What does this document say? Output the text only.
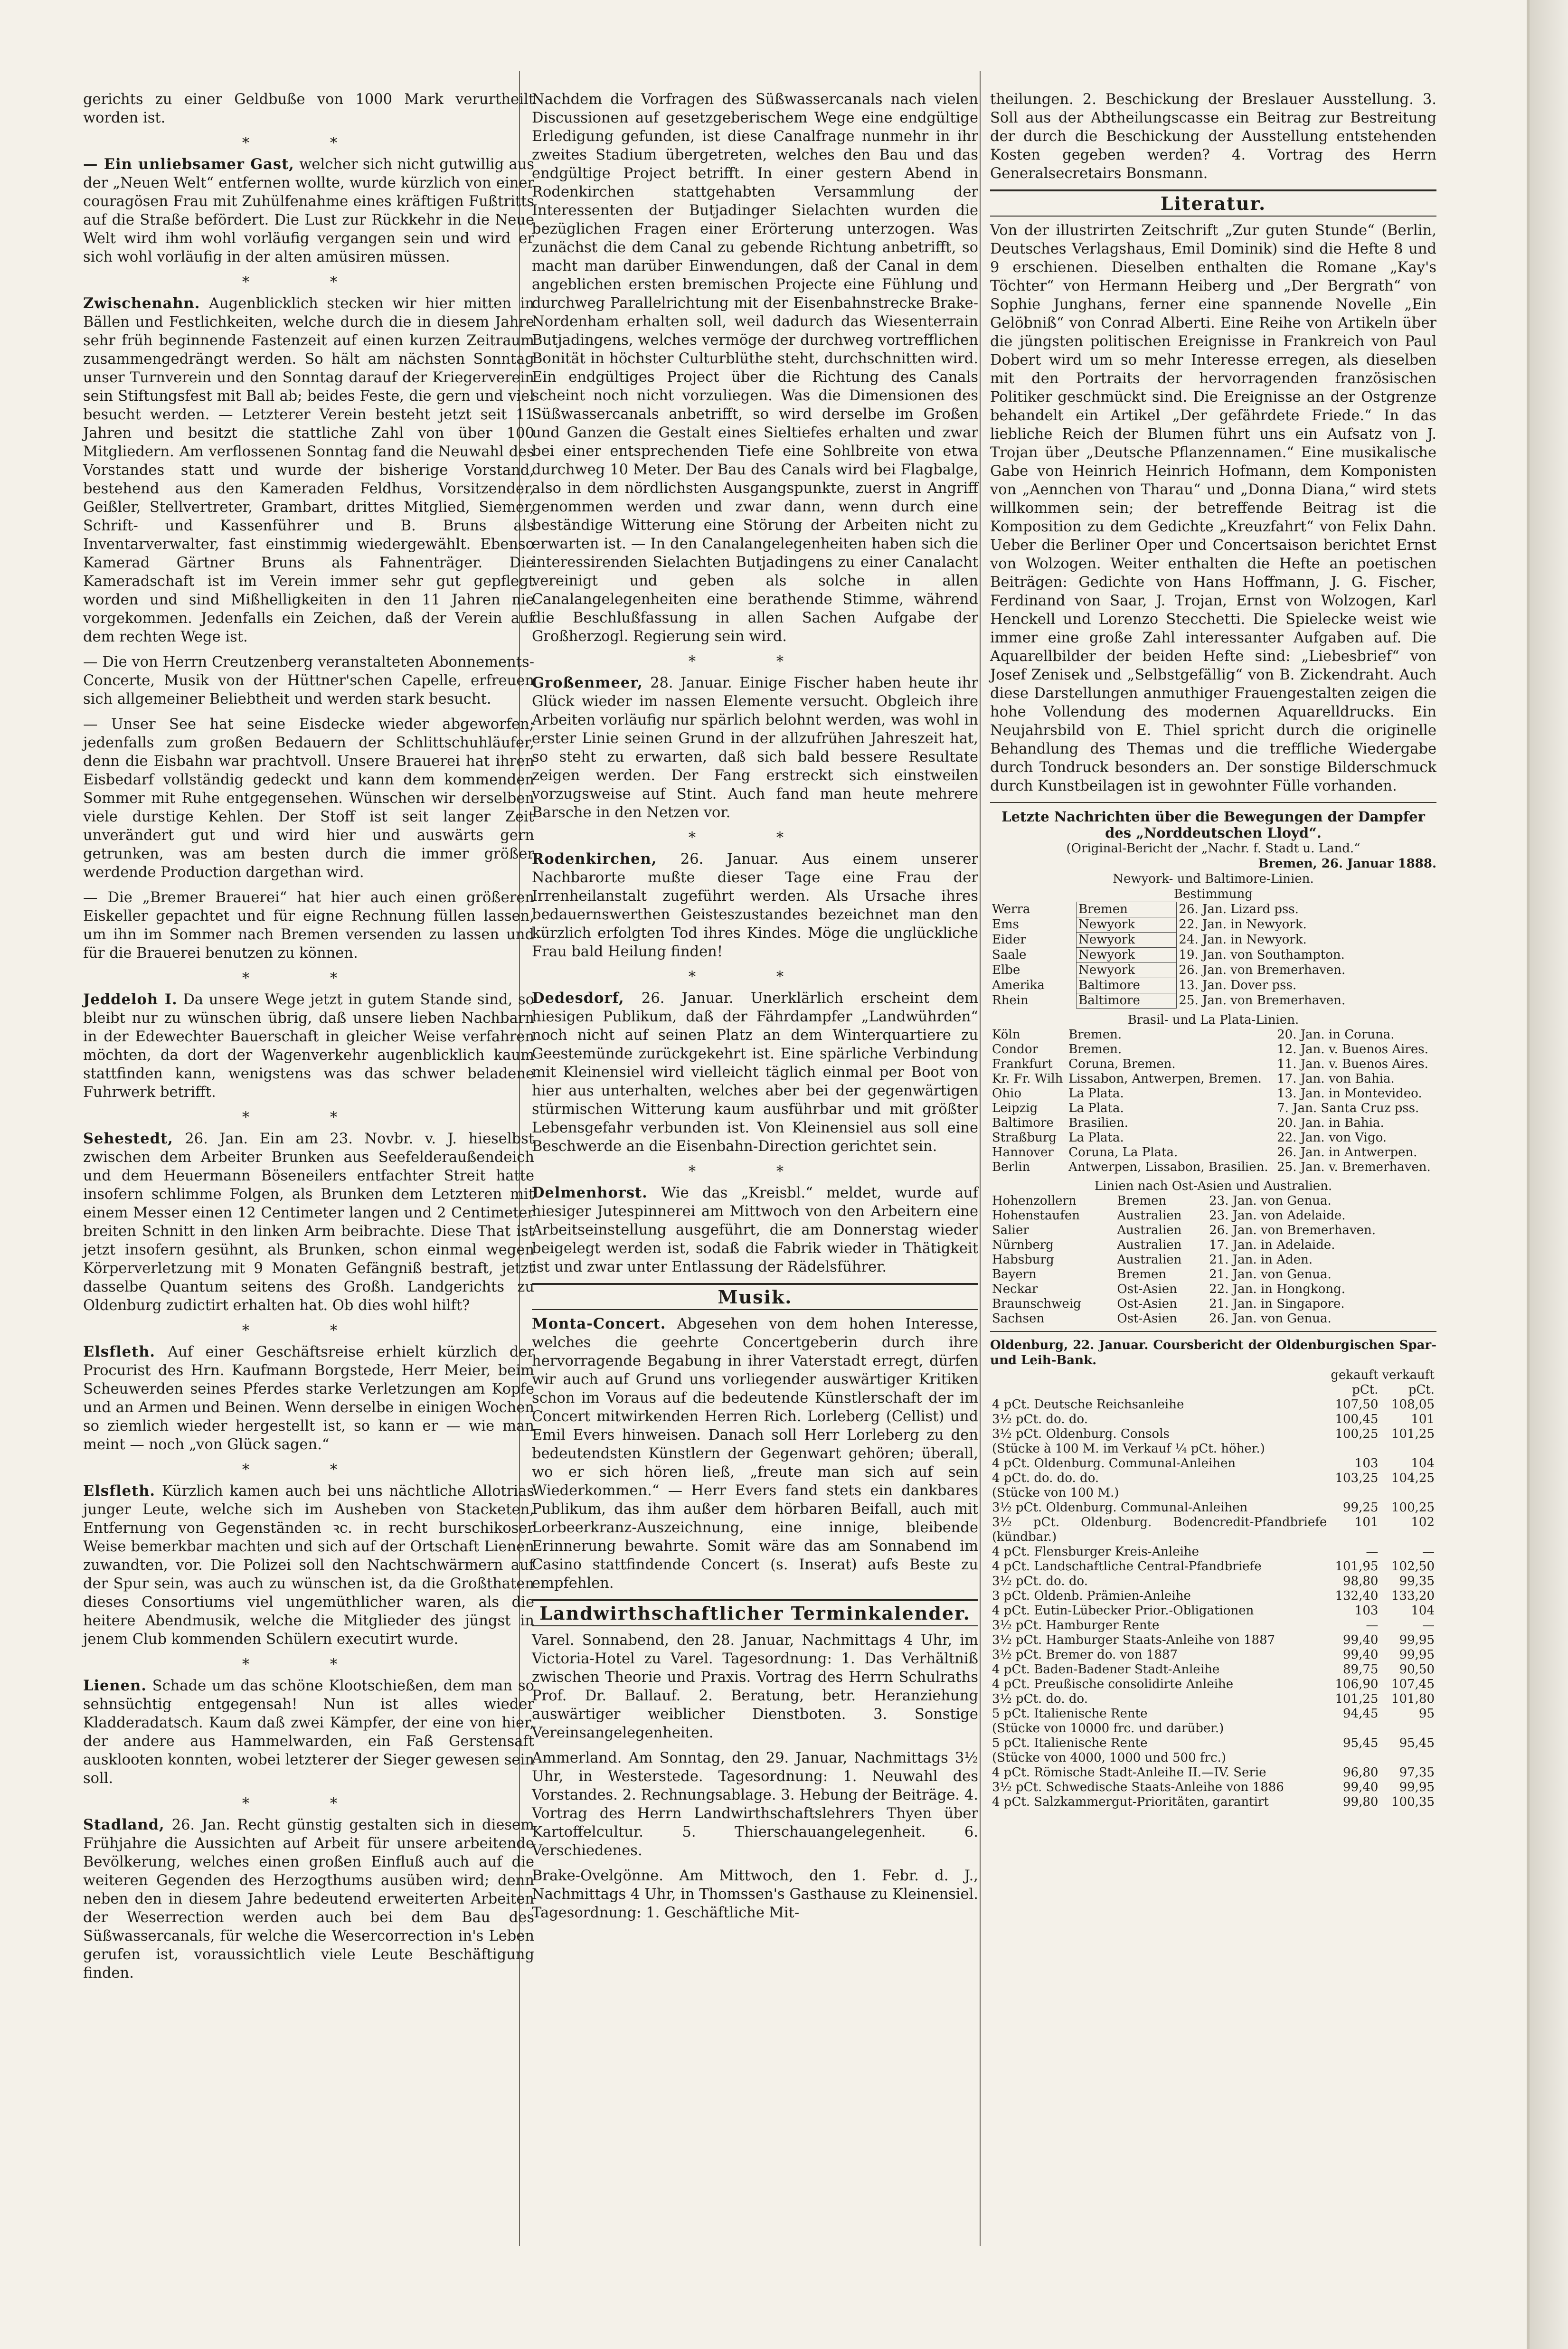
gerichts zu einer Geldbuße von 1000 Mark verurtheilt worden ist.

* *

— Ein unliebsamer Gast, welcher sich nicht gutwillig aus der „Neuen Welt“ entfernen wollte, wurde kürzlich von einer couragösen Frau mit Zuhülfenahme eines kräftigen Fußtritts auf die Straße befördert. Die Lust zur Rückkehr in die Neue Welt wird ihm wohl vorläufig vergangen sein und wird er sich wohl vorläufig in der alten amüsiren müssen.

* *

Zwischenahn. Augenblicklich stecken wir hier mitten in Bällen und Festlichkeiten, welche durch die in diesem Jahre sehr früh beginnende Fastenzeit auf einen kurzen Zeitraum zusammengedrängt werden. So hält am nächsten Sonntag unser Turnverein und den Sonntag darauf der Kriegerverein sein Stiftungsfest mit Ball ab; beides Feste, die gern und viel besucht werden. — Letzterer Verein besteht jetzt seit 11 Jahren und besitzt die stattliche Zahl von über 100 Mitgliedern. Am verflossenen Sonntag fand die Neuwahl des Vorstandes statt und wurde der bisherige Vorstand, bestehend aus den Kameraden Feldhus, Vorsitzender, Geißler, Stellvertreter, Grambart, drittes Mitglied, Siemer, Schrift- und Kassenführer und B. Bruns als Inventarverwalter, fast einstimmig wiedergewählt. Ebenso Kamerad Gärtner Bruns als Fahnenträger. Die Kameradschaft ist im Verein immer sehr gut gepflegt worden und sind Mißhelligkeiten in den 11 Jahren nie vorgekommen. Jedenfalls ein Zeichen, daß der Verein auf dem rechten Wege ist.

— Die von Herrn Creutzenberg veranstalteten Abonnements-Concerte, Musik von der Hüttner'schen Capelle, erfreuen sich allgemeiner Beliebtheit und werden stark besucht.

— Unser See hat seine Eisdecke wieder abgeworfen; jedenfalls zum großen Bedauern der Schlittschuhläufer, denn die Eisbahn war prachtvoll. Unsere Brauerei hat ihren Eisbedarf vollständig gedeckt und kann dem kommenden Sommer mit Ruhe entgegensehen. Wünschen wir derselben viele durstige Kehlen. Der Stoff ist seit langer Zeit unverändert gut und wird hier und auswärts gern getrunken, was am besten durch die immer größer werdende Production dargethan wird.

— Die „Bremer Brauerei“ hat hier auch einen größeren Eiskeller gepachtet und für eigne Rechnung füllen lassen, um ihn im Sommer nach Bremen versenden zu lassen und für die Brauerei benutzen zu können.

* *

Jeddeloh I. Da unsere Wege jetzt in gutem Stande sind, so bleibt nur zu wünschen übrig, daß unsere lieben Nachbarn in der Edewechter Bauerschaft in gleicher Weise verfahren möchten, da dort der Wagenverkehr augenblicklich kaum stattfinden kann, wenigstens was das schwer beladene Fuhrwerk betrifft.

* *

Sehestedt, 26. Jan. Ein am 23. Novbr. v. J. hieselbst zwischen dem Arbeiter Brunken aus Seefelderaußendeich und dem Heuermann Böseneilers entfachter Streit hatte insofern schlimme Folgen, als Brunken dem Letzteren mit einem Messer einen 12 Centimeter langen und 2 Centimeter breiten Schnitt in den linken Arm beibrachte. Diese That ist jetzt insofern gesühnt, als Brunken, schon einmal wegen Körperverletzung mit 9 Monaten Gefängniß bestraft, jetzt dasselbe Quantum seitens des Großh. Landgerichts zu Oldenburg zudictirt erhalten hat. Ob dies wohl hilft?

* *

Elsfleth. Auf einer Geschäftsreise erhielt kürzlich der Procurist des Hrn. Kaufmann Borgstede, Herr Meier, beim Scheuwerden seines Pferdes starke Verletzungen am Kopfe und an Armen und Beinen. Wenn derselbe in einigen Wochen so ziemlich wieder hergestellt ist, so kann er — wie man meint — noch „von Glück sagen.“

* *

Elsfleth. Kürzlich kamen auch bei uns nächtliche Allotrias junger Leute, welche sich im Ausheben von Stacketen, Entfernung von Gegenständen ꝛc. in recht burschikoser Weise bemerkbar machten und sich auf der Ortschaft Lienen zuwandten, vor. Die Polizei soll den Nachtschwärmern auf der Spur sein, was auch zu wünschen ist, da die Großthaten dieses Consortiums viel ungemüthlicher waren, als die heitere Abendmusik, welche die Mitglieder des jüngst in jenem Club kommenden Schülern executirt wurde.

* *

Lienen. Schade um das schöne Klootschießen, dem man so sehnsüchtig entgegensah! Nun ist alles wieder Kladderadatsch. Kaum daß zwei Kämpfer, der eine von hier, der andere aus Hammelwarden, ein Faß Gerstensaft ausklooten konnten, wobei letzterer der Sieger gewesen sein soll.

* *

Stadland, 26. Jan. Recht günstig gestalten sich in diesem Frühjahre die Aussichten auf Arbeit für unsere arbeitende Bevölkerung, welches einen großen Einfluß auch auf die weiteren Gegenden des Herzogthums ausüben wird; denn neben den in diesem Jahre bedeutend erweiterten Arbeiten der Weserrection werden auch bei dem Bau des Süßwassercanals, für welche die Wesercorrection in's Leben gerufen ist, voraussichtlich viele Leute Beschäftigung finden.

Nachdem die Vorfragen des Süßwassercanals nach vielen Discussionen auf gesetzgeberischem Wege eine endgültige Erledigung gefunden, ist diese Canalfrage nunmehr in ihr zweites Stadium übergetreten, welches den Bau und das endgültige Project betrifft. In einer gestern Abend in Rodenkirchen stattgehabten Versammlung der Interessenten der Butjadinger Sielachten wurden die bezüglichen Fragen einer Erörterung unterzogen. Was zunächst die dem Canal zu gebende Richtung anbetrifft, so macht man darüber Einwendungen, daß der Canal in dem angeblichen ersten bremischen Projecte eine Fühlung und durchweg Parallelrichtung mit der Eisenbahnstrecke Brake-Nordenham erhalten soll, weil dadurch das Wiesenterrain Butjadingens, welches vermöge der durchweg vortrefflichen Bonität in höchster Culturblüthe steht, durchschnitten wird. Ein endgültiges Project über die Richtung des Canals scheint noch nicht vorzuliegen. Was die Dimensionen des Süßwassercanals anbetrifft, so wird derselbe im Großen und Ganzen die Gestalt eines Sieltiefes erhalten und zwar bei einer entsprechenden Tiefe eine Sohlbreite von etwa durchweg 10 Meter. Der Bau des Canals wird bei Flagbalge, also in dem nördlichsten Ausgangspunkte, zuerst in Angriff genommen werden und zwar dann, wenn durch eine beständige Witterung eine Störung der Arbeiten nicht zu erwarten ist. — In den Canalangelegenheiten haben sich die interessirenden Sielachten Butjadingens zu einer Canalacht vereinigt und geben als solche in allen Canalangelegenheiten eine berathende Stimme, während die Beschlußfassung in allen Sachen Aufgabe der Großherzogl. Regierung sein wird.

* *

Großenmeer, 28. Januar. Einige Fischer haben heute ihr Glück wieder im nassen Elemente versucht. Obgleich ihre Arbeiten vorläufig nur spärlich belohnt werden, was wohl in erster Linie seinen Grund in der allzufrühen Jahreszeit hat, so steht zu erwarten, daß sich bald bessere Resultate zeigen werden. Der Fang erstreckt sich einstweilen vorzugsweise auf Stint. Auch fand man heute mehrere Barsche in den Netzen vor.

* *

Rodenkirchen, 26. Januar. Aus einem unserer Nachbarorte mußte dieser Tage eine Frau der Irrenheilanstalt zugeführt werden. Als Ursache ihres bedauernswerthen Geisteszustandes bezeichnet man den kürzlich erfolgten Tod ihres Kindes. Möge die unglückliche Frau bald Heilung finden!

* *

Dedesdorf, 26. Januar. Unerklärlich erscheint dem hiesigen Publikum, daß der Fährdampfer „Landwührden“ noch nicht auf seinen Platz an dem Winterquartiere zu Geestemünde zurückgekehrt ist. Eine spärliche Verbindung mit Kleinensiel wird vielleicht täglich einmal per Boot von hier aus unterhalten, welches aber bei der gegenwärtigen stürmischen Witterung kaum ausführbar und mit größter Lebensgefahr verbunden ist. Von Kleinensiel aus soll eine Beschwerde an die Eisenbahn-Direction gerichtet sein.

* *

Delmenhorst. Wie das „Kreisbl.“ meldet, wurde auf hiesiger Jutespinnerei am Mittwoch von den Arbeitern eine Arbeitseinstellung ausgeführt, die am Donnerstag wieder beigelegt werden ist, sodaß die Fabrik wieder in Thätigkeit ist und zwar unter Entlassung der Rädelsführer.

Musik.

Monta-Concert. Abgesehen von dem hohen Interesse, welches die geehrte Concertgeberin durch ihre hervorragende Begabung in ihrer Vaterstadt erregt, dürfen wir auch auf Grund uns vorliegender auswärtiger Kritiken schon im Voraus auf die bedeutende Künstlerschaft der im Concert mitwirkenden Herren Rich. Lorleberg (Cellist) und Emil Evers hinweisen. Danach soll Herr Lorleberg zu den bedeutendsten Künstlern der Gegenwart gehören; überall, wo er sich hören ließ, „freute man sich auf sein Wiederkommen.“ — Herr Evers fand stets ein dankbares Publikum, das ihm außer dem hörbaren Beifall, auch mit Lorbeerkranz-Auszeichnung, eine innige, bleibende Erinnerung bewahrte. Somit wäre das am Sonnabend im Casino stattfindende Concert (s. Inserat) aufs Beste zu empfehlen.

Landwirthschaftlicher Terminkalender.

Varel. Sonnabend, den 28. Januar, Nachmittags 4 Uhr, im Victoria-Hotel zu Varel. Tagesordnung: 1. Das Verhältniß zwischen Theorie und Praxis. Vortrag des Herrn Schulraths Prof. Dr. Ballauf. 2. Beratung, betr. Heranziehung auswärtiger weiblicher Dienstboten. 3. Sonstige Vereinsangelegenheiten.

Ammerland. Am Sonntag, den 29. Januar, Nachmittags 3½ Uhr, in Westerstede. Tagesordnung: 1. Neuwahl des Vorstandes. 2. Rechnungsablage. 3. Hebung der Beiträge. 4. Vortrag des Herrn Landwirthschaftslehrers Thyen über Kartoffelcultur. 5. Thierschauangelegenheit. 6. Verschiedenes.

Brake-Ovelgönne. Am Mittwoch, den 1. Febr. d. J., Nachmittags 4 Uhr, in Thomssen's Gasthause zu Kleinensiel. Tagesordnung: 1. Geschäftliche Mit-

theilungen. 2. Beschickung der Breslauer Ausstellung. 3. Soll aus der Abtheilungscasse ein Beitrag zur Bestreitung der durch die Beschickung der Ausstellung entstehenden Kosten gegeben werden? 4. Vortrag des Herrn Generalsecretairs Bonsmann.

Literatur.

Von der illustrirten Zeitschrift „Zur guten Stunde“ (Berlin, Deutsches Verlagshaus, Emil Dominik) sind die Hefte 8 und 9 erschienen. Dieselben enthalten die Romane „Kay's Töchter“ von Hermann Heiberg und „Der Bergrath“ von Sophie Junghans, ferner eine spannende Novelle „Ein Gelöbniß“ von Conrad Alberti. Eine Reihe von Artikeln über die jüngsten politischen Ereignisse in Frankreich von Paul Dobert wird um so mehr Interesse erregen, als dieselben mit den Portraits der hervorragenden französischen Politiker geschmückt sind. Die Ereignisse an der Ostgrenze behandelt ein Artikel „Der gefährdete Friede.“ In das liebliche Reich der Blumen führt uns ein Aufsatz von J. Trojan über „Deutsche Pflanzennamen.“ Eine musikalische Gabe von Heinrich Heinrich Hofmann, dem Komponisten von „Aennchen von Tharau“ und „Donna Diana,“ wird stets willkommen sein; der betreffende Beitrag ist die Komposition zu dem Gedichte „Kreuzfahrt“ von Felix Dahn. Ueber die Berliner Oper und Concertsaison berichtet Ernst von Wolzogen. Weiter enthalten die Hefte an poetischen Beiträgen: Gedichte von Hans Hoffmann, J. G. Fischer, Ferdinand von Saar, J. Trojan, Ernst von Wolzogen, Karl Henckell und Lorenzo Stecchetti. Die Spielecke weist wie immer eine große Zahl interessanter Aufgaben auf. Die Aquarellbilder der beiden Hefte sind: „Liebesbrief“ von Josef Zenisek und „Selbstgefällig“ von B. Zickendraht. Auch diese Darstellungen anmuthiger Frauengestalten zeigen die hohe Vollendung des modernen Aquarelldrucks. Ein Neujahrsbild von E. Thiel spricht durch die originelle Behandlung des Themas und die treffliche Wiedergabe durch Tondruck besonders an. Der sonstige Bilderschmuck durch Kunstbeilagen ist in gewohnter Fülle vorhanden.

Letzte Nachrichten über die Bewegungen der Dampfer des „Norddeutschen Lloyd“.
(Original-Bericht der „Nachr. f. Stadt u. Land.“
Bremen, 26. Januar 1888.
Newyork- und Baltimore-Linien.
Bestimmung
Werra	Bremen	26. Jan. Lizard pss.
Ems	Newyork	22. Jan. in Newyork.
Eider	Newyork	24. Jan. in Newyork.
Saale	Newyork	19. Jan. von Southampton.
Elbe	Newyork	26. Jan. von Bremerhaven.
Amerika	Baltimore	13. Jan. Dover pss.
Rhein	Baltimore	25. Jan. von Bremerhaven.
Brasil- und La Plata-Linien.
Köln	Bremen.	20. Jan. in Coruna.
Condor	Bremen.	12. Jan. v. Buenos Aires.
Frankfurt	Coruna, Bremen.	11. Jan. v. Buenos Aires.
Kr. Fr. Wilh	Lissabon, Antwerpen, Bremen.	17. Jan. von Bahia.
Ohio	La Plata.	13. Jan. in Montevideo.
Leipzig	La Plata.	7. Jan. Santa Cruz pss.
Baltimore	Brasilien.	20. Jan. in Bahia.
Straßburg	La Plata.	22. Jan. von Vigo.
Hannover	Coruna, La Plata.	26. Jan. in Antwerpen.
Berlin	Antwerpen, Lissabon, Brasilien.	25. Jan. v. Bremerhaven.
Linien nach Ost-Asien und Australien.
Hohenzollern	Bremen	23. Jan. von Genua.
Hohenstaufen	Australien	23. Jan. von Adelaide.
Salier	Australien	26. Jan. von Bremerhaven.
Nürnberg	Australien	17. Jan. in Adelaide.
Habsburg	Australien	21. Jan. in Aden.
Bayern	Bremen	21. Jan. von Genua.
Neckar	Ost-Asien	22. Jan. in Hongkong.
Braunschweig	Ost-Asien	21. Jan. in Singapore.
Sachsen	Ost-Asien	26. Jan. von Genua.
Oldenburg, 22. Januar. Coursbericht der Oldenburgischen Spar- und Leih-Bank.
	gekauft	verkauft
	pCt.	pCt.
4 pCt. Deutsche Reichsanleihe	107,50	108,05
3½ pCt. do. do.	100,45	101
3½ pCt. Oldenburg. Consols	100,25	101,25
(Stücke à 100 M. im Verkauf ¼ pCt. höher.)		
4 pCt. Oldenburg. Communal-Anleihen	103	104
4 pCt. do. do. do.	103,25	104,25
(Stücke von 100 M.)		
3½ pCt. Oldenburg. Communal-Anleihen	99,25	100,25
3½ pCt. Oldenburg. Bodencredit-Pfandbriefe (kündbar.)	101	102
4 pCt. Flensburger Kreis-Anleihe	—	—
4 pCt. Landschaftliche Central-Pfandbriefe	101,95	102,50
3½ pCt. do. do.	98,80	99,35
3 pCt. Oldenb. Prämien-Anleihe	132,40	133,20
4 pCt. Eutin-Lübecker Prior.-Obligationen	103	104
3½ pCt. Hamburger Rente	—	—
3½ pCt. Hamburger Staats-Anleihe von 1887	99,40	99,95
3½ pCt. Bremer do. von 1887	99,40	99,95
4 pCt. Baden-Badener Stadt-Anleihe	89,75	90,50
4 pCt. Preußische consolidirte Anleihe	106,90	107,45
3½ pCt. do. do.	101,25	101,80
5 pCt. Italienische Rente	94,45	95
(Stücke von 10000 frc. und darüber.)		
5 pCt. Italienische Rente	95,45	95,45
(Stücke von 4000, 1000 und 500 frc.)		
4 pCt. Römische Stadt-Anleihe II.—IV. Serie	96,80	97,35
3½ pCt. Schwedische Staats-Anleihe von 1886	99,40	99,95
4 pCt. Salzkammergut-Prioritäten, garantirt	99,80	100,35
